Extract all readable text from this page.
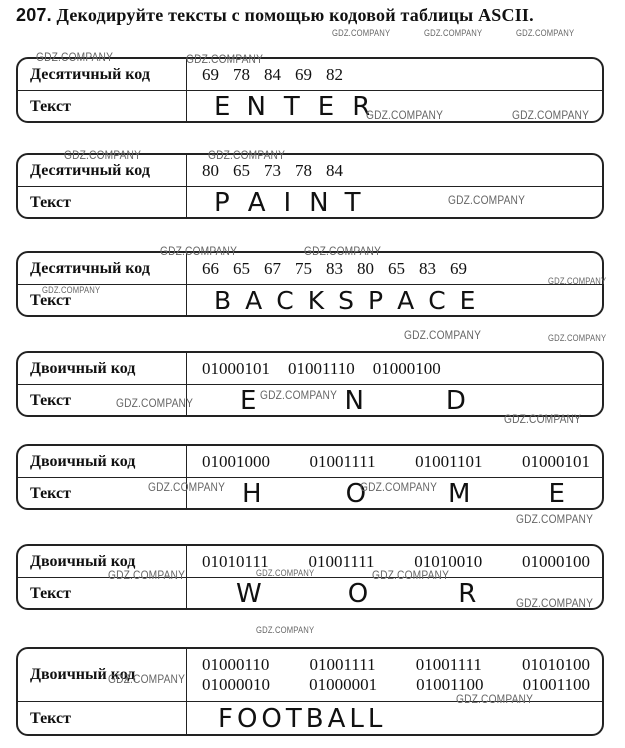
207. Декодируйте тексты с помощью кодовой таблицы ASCII.
Десятичный код	69 78 84 69 82
Текст	E N T E R
Десятичный код	80 65 73 78 84
Текст	P A I N T
Десятичный код	66 65 67 75 83 80 65 83 69
Текст	B A C K S P A C E
Двоичный код	01000101 01001110 01000100
Текст	E	N	D
Двоичный код	01001000 01001111 01001101 01000101
Текст	H	O	M	E
Двоичный код	01010111 01001111 01010010 01000100
Текст	W	O	R
Двоичный код
01000110 01001111 01001111 01010100
01000010 01000001 01001100 01001100
Текст	FOOTBALL
GDZ.COMPANY	GDZ.COMPANY	GDZ.COMPANY
GDZ.COMPANY	GDZ.COMPANY
GDZ.COMPANY	GDZ.COMPANY
GDZ.COMPANY	GDZ.COMPANY
GDZ.COMPANY
GDZ.COMPANY	GDZ.COMPANY
GDZ.COMPANY
GDZ.COMPANY
GDZ.COMPANY	GDZ.COMPANY
GDZ.COMPANY
GDZ.COMPANY
GDZ.COMPANY
GDZ.COMPANY	GDZ.COMPANY
GDZ.COMPANY
GDZ.COMPANY	GDZ.COMPANY	GDZ.COMPANY
GDZ.COMPANY
GDZ.COMPANY
GDZ.COMPANY
GDZ.COMPANY
